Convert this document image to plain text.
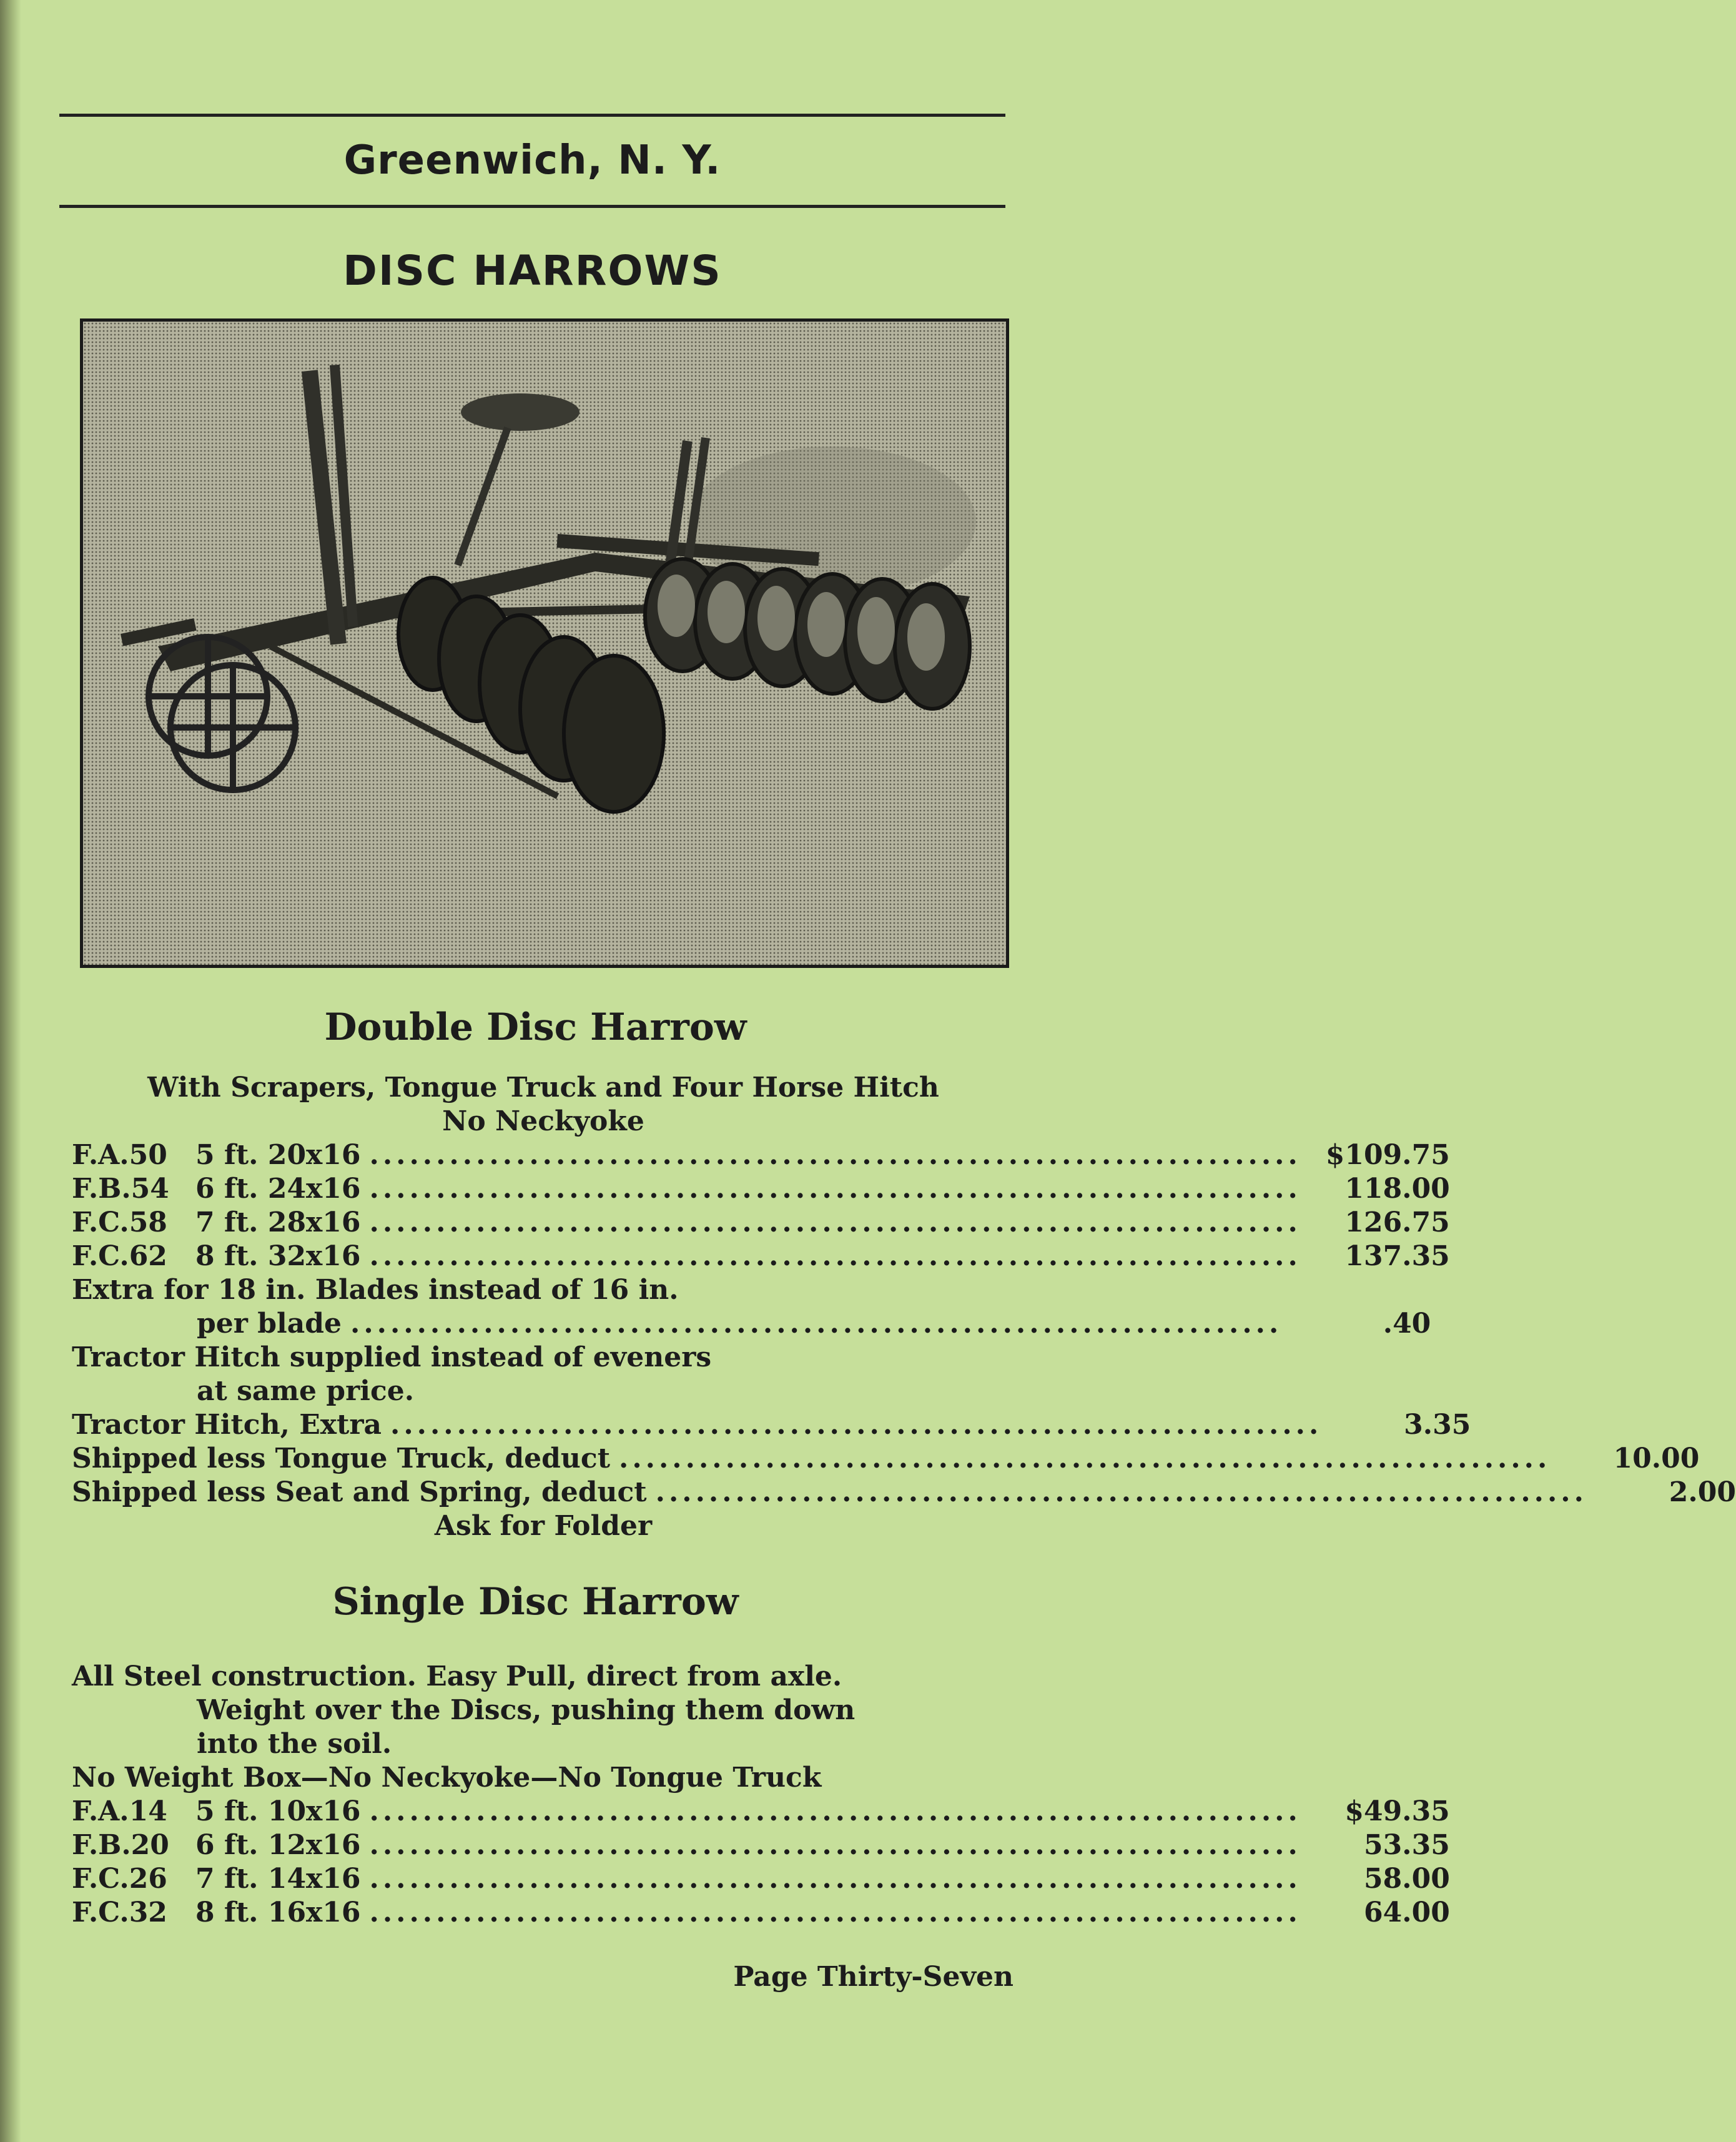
Greenwich, N. Y.
DISC HARROWS
Double Disc Harrow
With Scrapers, Tongue Truck and Four Horse Hitch
No Neckyoke
F.A.50	5 ft. 20x16 ...................................................................... $109.75
F.B.54 6 ft. 24x16 ......................................................................	118.00
F.C.58	7 ft. 28x16 ......................................................................	126.75
F.C.62	8 ft. 32x16 ......................................................................	137.35
Extra for 18 in. Blades instead of 16 in.
per blade ......................................................................	.40
Tractor Hitch supplied instead of eveners
at same price.
Tractor Hitch, Extra ......................................................................	3.35
Shipped less Tongue Truck, deduct ......................................................................	10.00
Shipped less Seat and Spring, deduct ......................................................................	2.00
Ask for Folder
Single Disc Harrow
All Steel construction. Easy Pull, direct from axle.
Weight over the Discs, pushing them down
into the soil.
No Weight Box—No Neckyoke—No Tongue Truck
F.A.14	5 ft. 10x16 ......................................................................	$49.35
F.B.20 6 ft. 12x16 ......................................................................	53.35
F.C.26	7 ft. 14x16 ......................................................................	58.00
F.C.32	8 ft. 16x16 ......................................................................	64.00
Page Thirty-Seven
